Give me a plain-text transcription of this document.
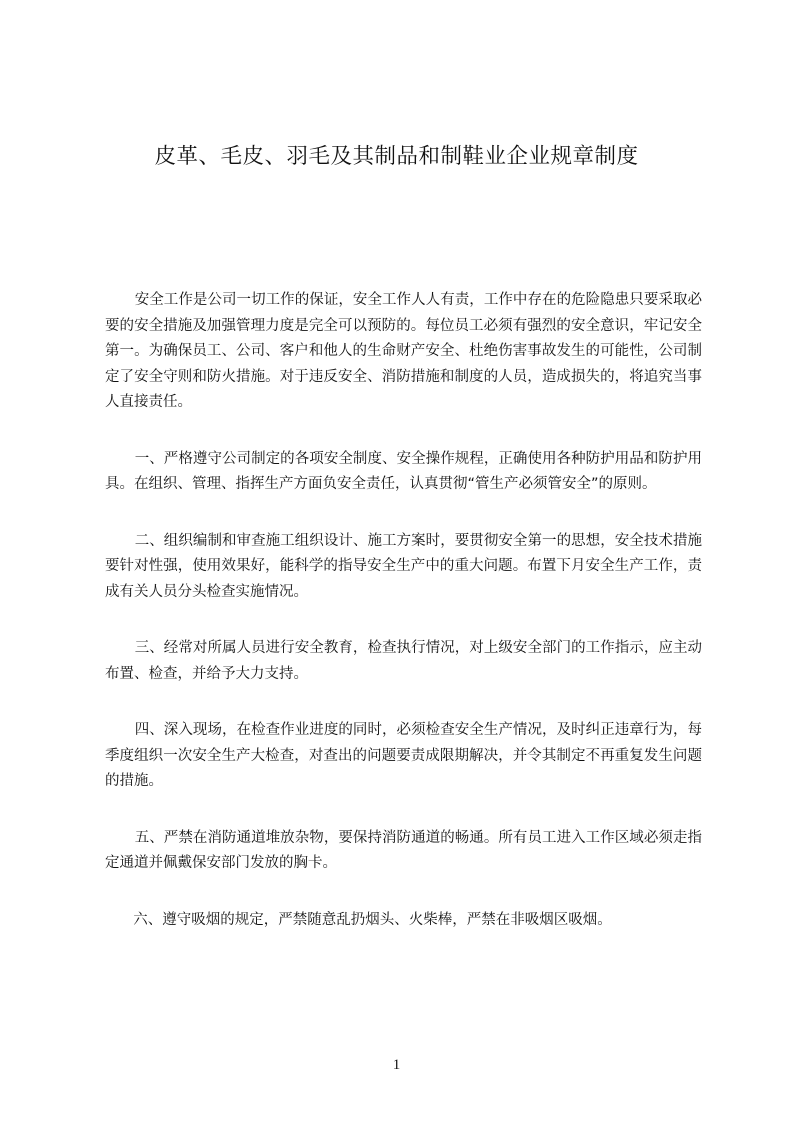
皮革、毛皮、羽毛及其制品和制鞋业企业规章制度

安全工作是公司一切工作的保证，安全工作人人有责，工作中存在的危险隐患只要采取必要的安全措施及加强管理力度是完全可以预防的。每位员工必须有强烈的安全意识，牢记安全第一。为确保员工、公司、客户和他人的生命财产安全、杜绝伤害事故发生的可能性，公司制定了安全守则和防火措施。对于违反安全、消防措施和制度的人员，造成损失的，将追究当事人直接责任。

一、严格遵守公司制定的各项安全制度、安全操作规程，正确使用各种防护用品和防护用具。在组织、管理、指挥生产方面负安全责任，认真贯彻“管生产必须管安全”的原则。

二、组织编制和审查施工组织设计、施工方案时，要贯彻安全第一的思想，安全技术措施要针对性强，使用效果好，能科学的指导安全生产中的重大问题。布置下月安全生产工作，责成有关人员分头检查实施情况。

三、经常对所属人员进行安全教育，检查执行情况，对上级安全部门的工作指示，应主动布置、检查，并给予大力支持。

四、深入现场，在检查作业进度的同时，必须检查安全生产情况，及时纠正违章行为，每季度组织一次安全生产大检查，对查出的问题要责成限期解决，并令其制定不再重复发生问题的措施。

五、严禁在消防通道堆放杂物，要保持消防通道的畅通。所有员工进入工作区域必须走指定通道并佩戴保安部门发放的胸卡。

六、遵守吸烟的规定，严禁随意乱扔烟头、火柴棒，严禁在非吸烟区吸烟。

1
